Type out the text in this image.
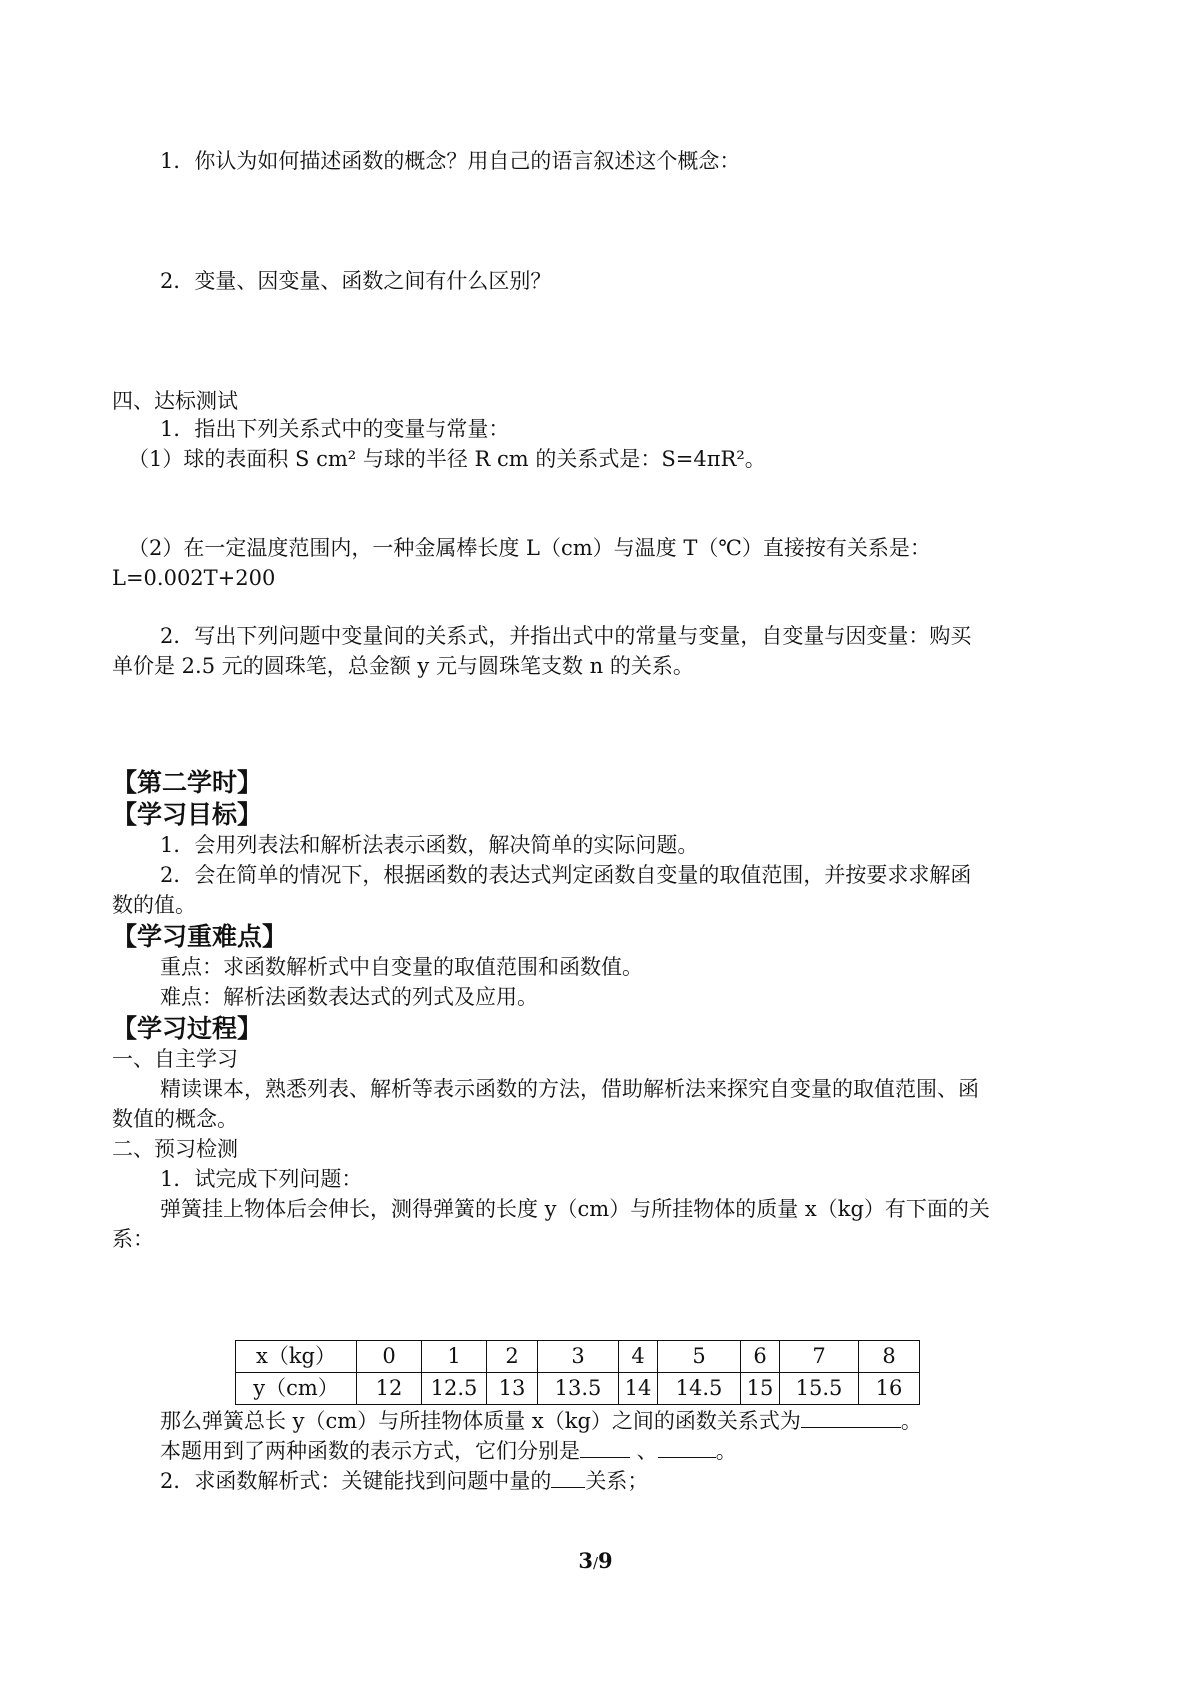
1．你认为如何描述函数的概念？用自己的语言叙述这个概念：
2．变量、因变量、函数之间有什么区别？
四、达标测试
1．指出下列关系式中的变量与常量：
（1）球的表面积 S cm² 与球的半径 R cm 的关系式是：S=4πR²。
（2）在一定温度范围内，一种金属棒长度 L（cm）与温度 T（℃）直接按有关系是：
L=0.002T+200
2．写出下列问题中变量间的关系式，并指出式中的常量与变量，自变量与因变量：购买
单价是 2.5 元的圆珠笔，总金额 y 元与圆珠笔支数 n 的关系。
【第二学时】
【学习目标】
1．会用列表法和解析法表示函数，解决简单的实际问题。
2．会在简单的情况下，根据函数的表达式判定函数自变量的取值范围，并按要求求解函
数的值。
【学习重难点】
重点：求函数解析式中自变量的取值范围和函数值。
难点：解析法函数表达式的列式及应用。
【学习过程】
一、自主学习
精读课本，熟悉列表、解析等表示函数的方法，借助解析法来探究自变量的取值范围、函
数值的概念。
二、预习检测
1．试完成下列问题：
弹簧挂上物体后会伸长，测得弹簧的长度 y（cm）与所挂物体的质量 x（kg）有下面的关
系：
x（kg）	0	1	2	3	4	5	6	7	8
y（cm）	12	12.5	13	13.5	14	14.5	15	15.5	16
那么弹簧总长 y（cm）与所挂物体质量 x（kg）之间的函数关系式为	。
本题用到了两种函数的表示方式，它们分别是 、	。
2．求函数解析式：关键能找到问题中量的 关系；
3/9
